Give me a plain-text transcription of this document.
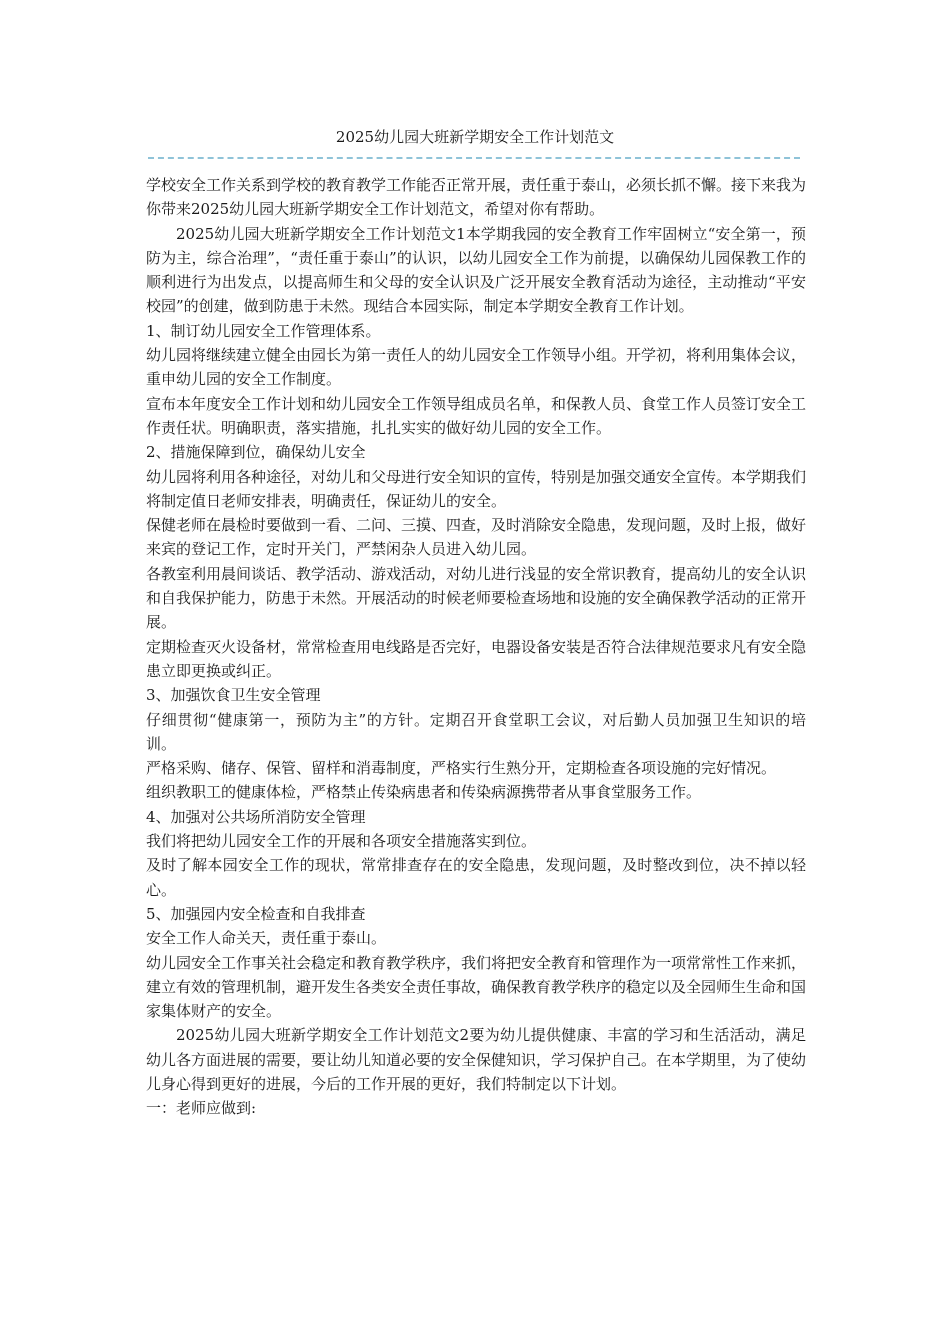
2025幼儿园大班新学期安全工作计划范文

学校安全工作关系到学校的教育教学工作能否正常开展，责任重于泰山，必须长抓不懈。接下来我为你带来2025幼儿园大班新学期安全工作计划范文，希望对你有帮助。

2025幼儿园大班新学期安全工作计划范文1本学期我园的安全教育工作牢固树立“安全第一，预防为主，综合治理”，“责任重于泰山”的认识，以幼儿园安全工作为前提，以确保幼儿园保教工作的顺利进行为出发点，以提高师生和父母的安全认识及广泛开展安全教育活动为途径，主动推动“平安校园”的创建，做到防患于未然。现结合本园实际，制定本学期安全教育工作计划。

1、制订幼儿园安全工作管理体系。

幼儿园将继续建立健全由园长为第一责任人的幼儿园安全工作领导小组。开学初，将利用集体会议，重申幼儿园的安全工作制度。

宣布本年度安全工作计划和幼儿园安全工作领导组成员名单，和保教人员、食堂工作人员签订安全工作责任状。明确职责，落实措施，扎扎实实的做好幼儿园的安全工作。

2、措施保障到位，确保幼儿安全

幼儿园将利用各种途径，对幼儿和父母进行安全知识的宣传，特别是加强交通安全宣传。本学期我们将制定值日老师安排表，明确责任，保证幼儿的安全。

保健老师在晨检时要做到一看、二问、三摸、四查，及时消除安全隐患，发现问题，及时上报，做好来宾的登记工作，定时开关门，严禁闲杂人员进入幼儿园。

各教室利用晨间谈话、教学活动、游戏活动，对幼儿进行浅显的安全常识教育，提高幼儿的安全认识和自我保护能力，防患于未然。开展活动的时候老师要检查场地和设施的安全确保教学活动的正常开展。

定期检查灭火设备材，常常检查用电线路是否完好，电器设备安装是否符合法律规范要求凡有安全隐患立即更换或纠正。

3、加强饮食卫生安全管理

仔细贯彻“健康第一，预防为主”的方针。定期召开食堂职工会议，对后勤人员加强卫生知识的培训。

严格采购、储存、保管、留样和消毒制度，严格实行生熟分开，定期检查各项设施的完好情况。

组织教职工的健康体检，严格禁止传染病患者和传染病源携带者从事食堂服务工作。

4、加强对公共场所消防安全管理

我们将把幼儿园安全工作的开展和各项安全措施落实到位。

及时了解本园安全工作的现状，常常排查存在的安全隐患，发现问题，及时整改到位，决不掉以轻心。

5、加强园内安全检查和自我排查

安全工作人命关天，责任重于泰山。

幼儿园安全工作事关社会稳定和教育教学秩序，我们将把安全教育和管理作为一项常常性工作来抓，建立有效的管理机制，避开发生各类安全责任事故，确保教育教学秩序的稳定以及全园师生生命和国家集体财产的安全。

2025幼儿园大班新学期安全工作计划范文2要为幼儿提供健康、丰富的学习和生活活动，满足幼儿各方面进展的需要，要让幼儿知道必要的安全保健知识，学习保护自己。在本学期里，为了使幼儿身心得到更好的进展，今后的工作开展的更好，我们特制定以下计划。

一：老师应做到:
